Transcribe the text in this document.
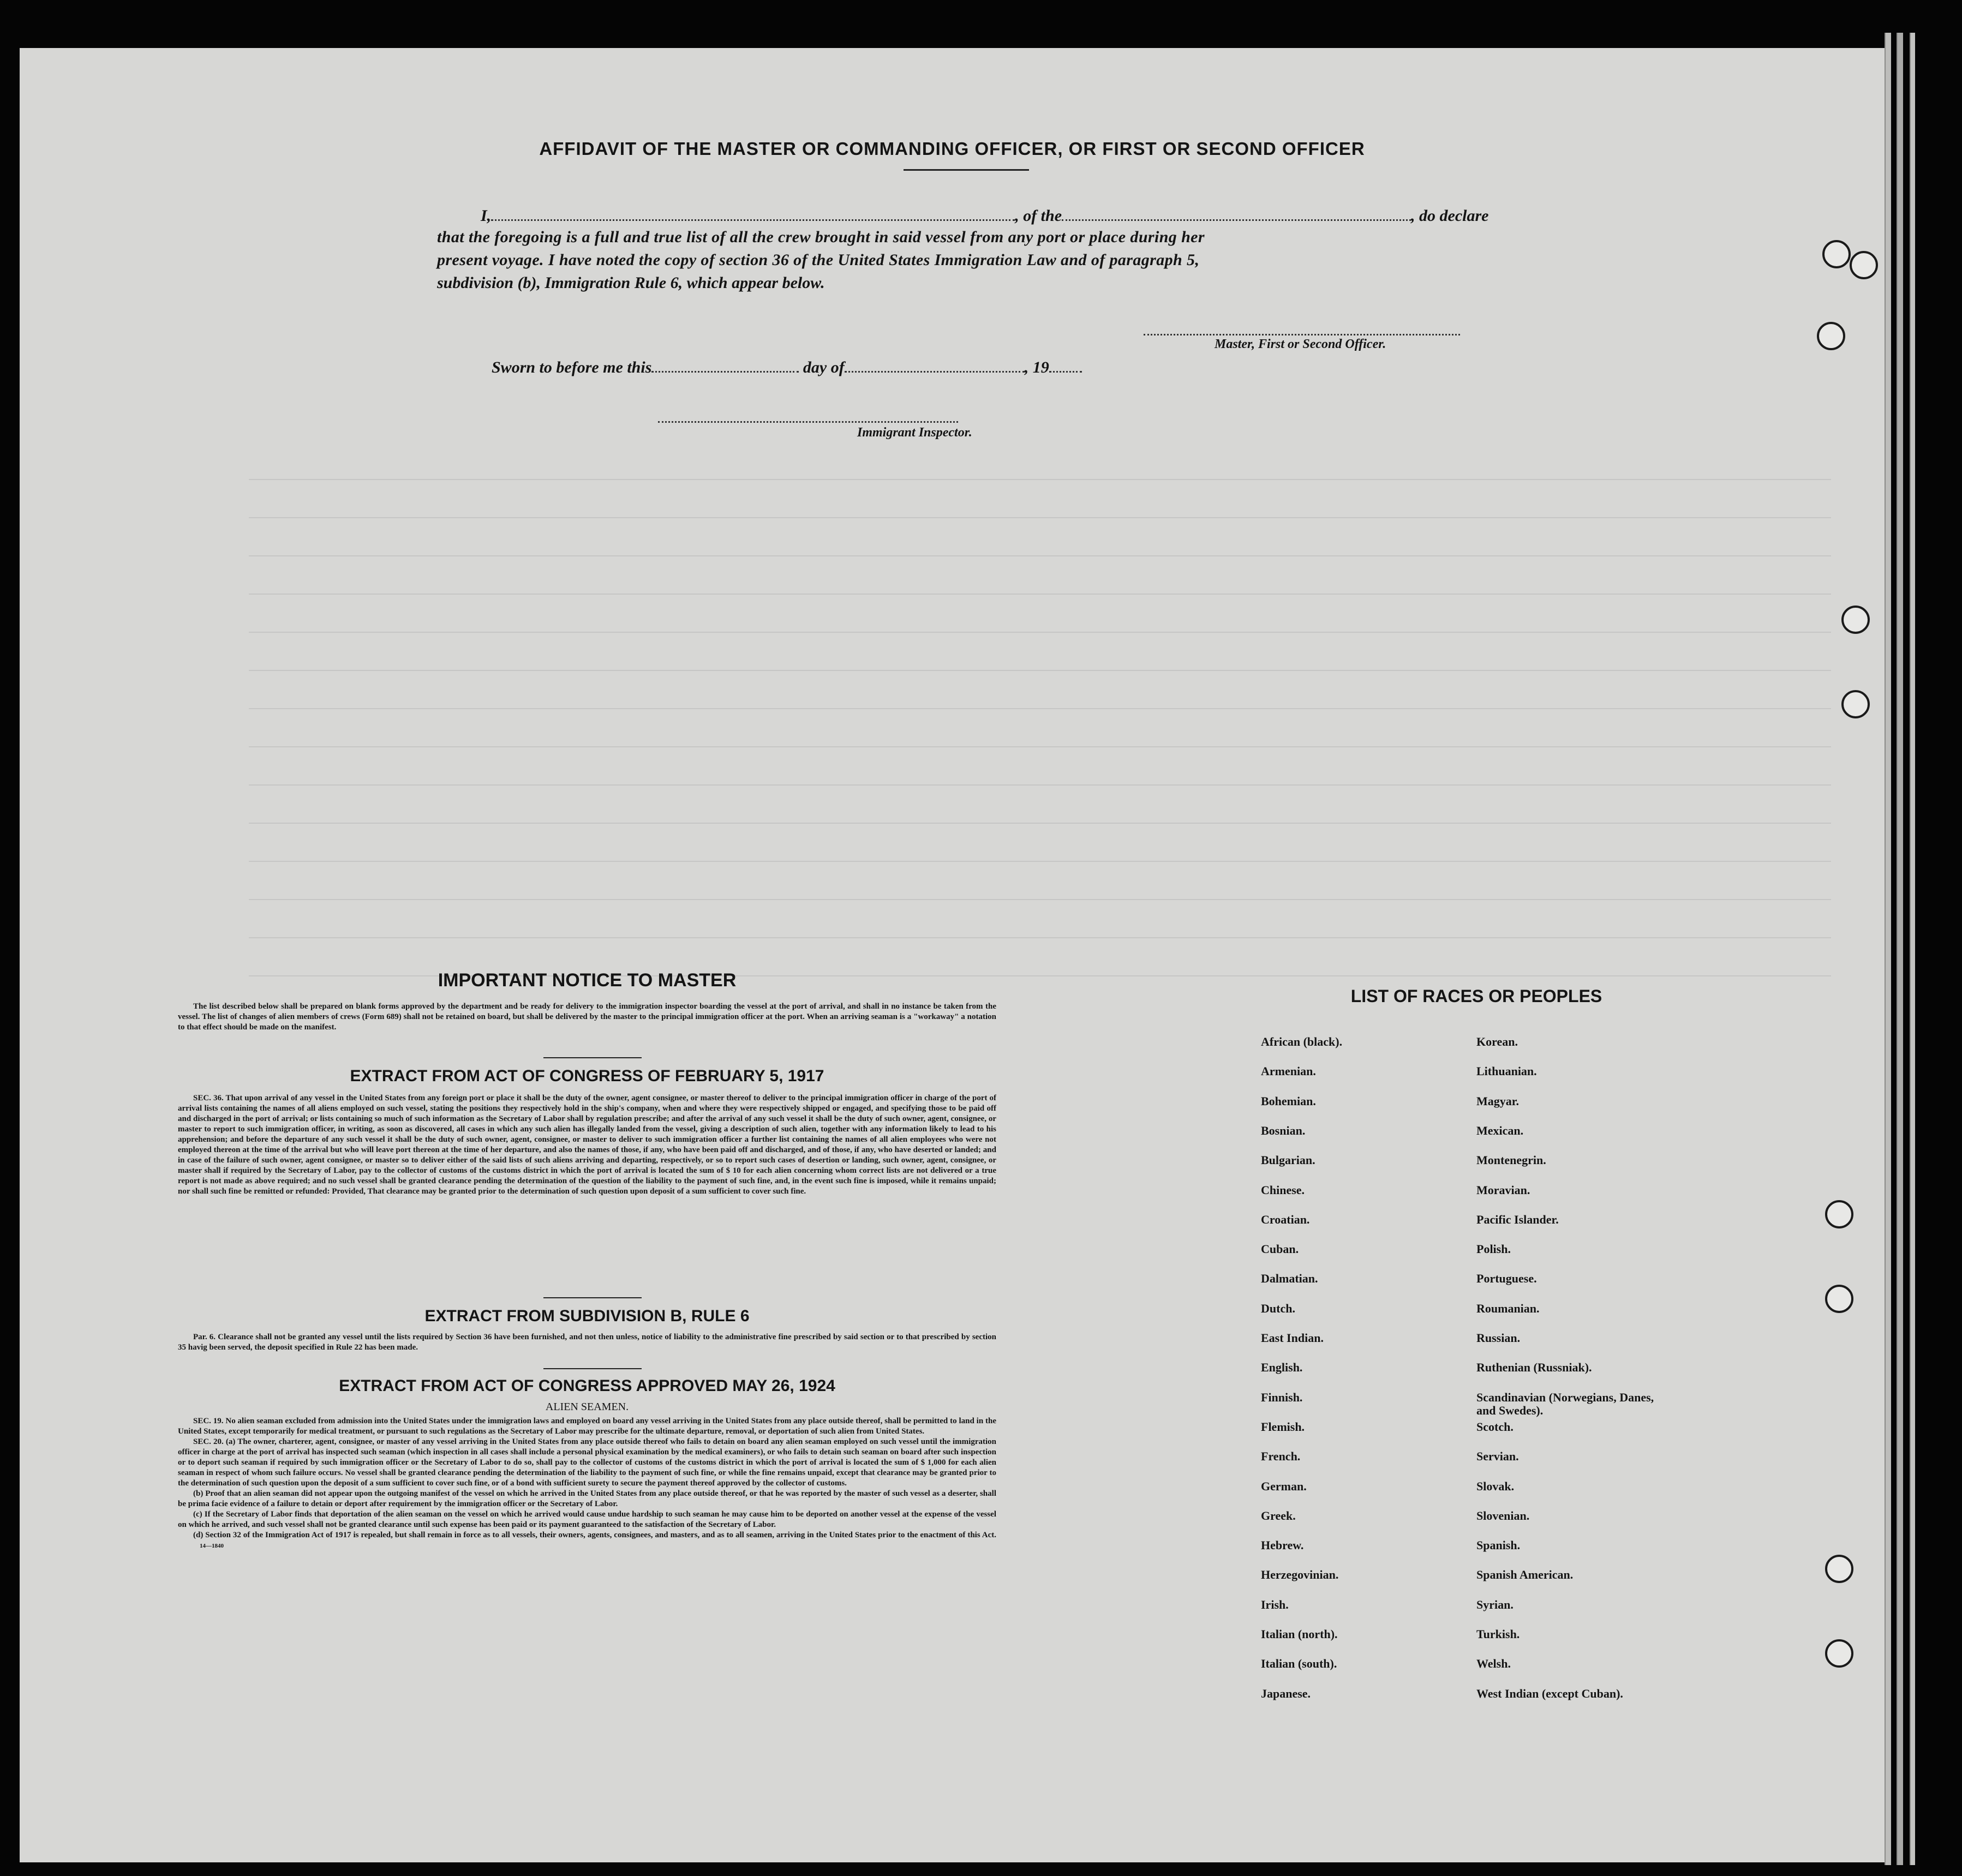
AFFIDAVIT OF THE MASTER OR COMMANDING OFFICER, OR FIRST OR SECOND OFFICER
I,	, of the	, do declare
that the foregoing is a full and true list of all the crew brought in said vessel from any port or place during her
present voyage. I have noted the copy of section 36 of the United States Immigration Law and of paragraph 5,
subdivision (b), Immigration Rule 6, which appear below.
Master, First or Second Officer.
Sworn to before me this	day of	, 19
Immigrant Inspector.
IMPORTANT NOTICE TO MASTER

The list described below shall be prepared on blank forms approved by the department and be ready for delivery to the immigration inspector boarding the vessel at the port of arrival, and shall in no instance be taken from the vessel. The list of changes of alien members of crews (Form 689) shall not be retained on board, but shall be delivered by the master to the principal immigration officer at the port. When an arriving seaman is a "workaway" a notation to that effect should be made on the manifest.

EXTRACT FROM ACT OF CONGRESS OF FEBRUARY 5, 1917

SEC. 36. That upon arrival of any vessel in the United States from any foreign port or place it shall be the duty of the owner, agent consignee, or master thereof to deliver to the principal immigration officer in charge of the port of arrival lists containing the names of all aliens employed on such vessel, stating the positions they respectively hold in the ship's company, when and where they were respectively shipped or engaged, and specifying those to be paid off and discharged in the port of arrival; or lists containing so much of such information as the Secretary of Labor shall by regulation prescribe; and after the arrival of any such vessel it shall be the duty of such owner, agent, consignee, or master to report to such immigration officer, in writing, as soon as discovered, all cases in which any such alien has illegally landed from the vessel, giving a description of such alien, together with any information likely to lead to his apprehension; and before the departure of any such vessel it shall be the duty of such owner, agent, consignee, or master to deliver to such immigration officer a further list containing the names of all alien employees who were not employed thereon at the time of the arrival but who will leave port thereon at the time of her departure, and also the names of those, if any, who have been paid off and discharged, and of those, if any, who have deserted or landed; and in case of the failure of such owner, agent consignee, or master so to deliver either of the said lists of such aliens arriving and departing, respectively, or so to report such cases of desertion or landing, such owner, agent, consignee, or master shall if required by the Secretary of Labor, pay to the collector of customs of the customs district in which the port of arrival is located the sum of $ 10 for each alien concerning whom correct lists are not delivered or a true report is not made as above required; and no such vessel shall be granted clearance pending the determination of the question of the liability to the payment of such fine, and, in the event such fine is imposed, while it remains unpaid; nor shall such fine be remitted or refunded: Provided, That clearance may be granted prior to the determination of such question upon deposit of a sum sufficient to cover such fine.

EXTRACT FROM SUBDIVISION B, RULE 6

Par. 6. Clearance shall not be granted any vessel until the lists required by Section 36 have been furnished, and not then unless, notice of liability to the administrative fine prescribed by said section or to that prescribed by section 35 havig been served, the deposit specified in Rule 22 has been made.

EXTRACT FROM ACT OF CONGRESS APPROVED MAY 26, 1924
ALIEN SEAMEN.

SEC. 19. No alien seaman excluded from admission into the United States under the immigration laws and employed on board any vessel arriving in the United States from any place outside thereof, shall be permitted to land in the United States, except temporarily for medical treatment, or pursuant to such regulations as the Secretary of Labor may prescribe for the ultimate departure, removal, or deportation of such alien from United States.

SEC. 20. (a) The owner, charterer, agent, consignee, or master of any vessel arriving in the United States from any place outside thereof who fails to detain on board any alien seaman employed on such vessel until the immigration officer in charge at the port of arrival has inspected such seaman (which inspection in all cases shall include a personal physical examination by the medical examiners), or who fails to detain such seaman on board after such inspection or to deport such seaman if required by such immigration officer or the Secretary of Labor to do so, shall pay to the collector of customs of the customs district in which the port of arrival is located the sum of $ 1,000 for each alien seaman in respect of whom such failure occurs. No vessel shall be granted clearance pending the determination of the liability to the payment of such fine, or while the fine remains unpaid, except that clearance may be granted prior to the determination of such question upon the deposit of a sum sufficient to cover such fine, or of a bond with sufficient surety to secure the payment thereof approved by the collector of customs.

(b) Proof that an alien seaman did not appear upon the outgoing manifest of the vessel on which he arrived in the United States from any place outside thereof, or that he was reported by the master of such vessel as a deserter, shall be prima facie evidence of a failure to detain or deport after requirement by the immigration officer or the Secretary of Labor.

(c) If the Secretary of Labor finds that deportation of the alien seaman on the vessel on which he arrived would cause undue hardship to such seaman he may cause him to be deported on another vessel at the expense of the vessel on which he arrived, and such vessel shall not be granted clearance until such expense has been paid or its payment guaranteed to the satisfaction of the Secretary of Labor.

(d) Section 32 of the Immigration Act of 1917 is repealed, but shall remain in force as to all vessels, their owners, agents, consignees, and masters, and as to all seamen, arriving in the United States prior to the enactment of this Act. 14—1840

LIST OF RACES OR PEOPLES
African (black).
Armenian.
Bohemian.
Bosnian.
Bulgarian.
Chinese.
Croatian.
Cuban.
Dalmatian.
Dutch.
East Indian.
English.
Finnish.
Flemish.
French.
German.
Greek.
Hebrew.
Herzegovinian.
Irish.
Italian (north).
Italian (south).
Japanese.
Korean.
Lithuanian.
Magyar.
Mexican.
Montenegrin.
Moravian.
Pacific Islander.
Polish.
Portuguese.
Roumanian.
Russian.
Ruthenian (Russniak).
Scandinavian (Norwegians, Danes, and Swedes).
Scotch.
Servian.
Slovak.
Slovenian.
Spanish.
Spanish American.
Syrian.
Turkish.
Welsh.
West Indian (except Cuban).
